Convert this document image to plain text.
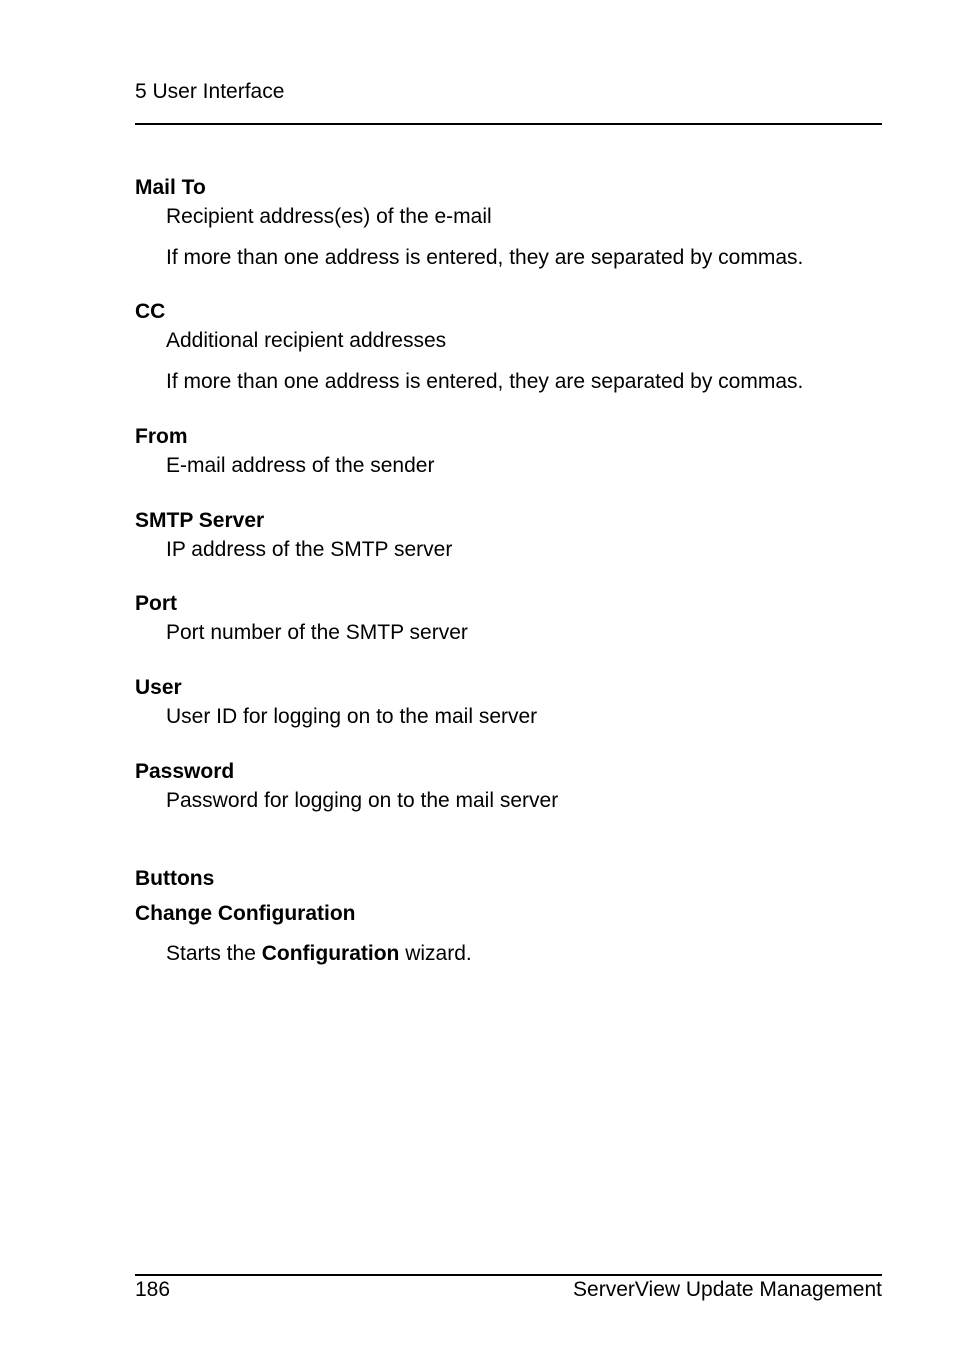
5 User Interface
Mail To
Recipient address(es) of the e-mail
If more than one address is entered, they are separated by commas.
CC
Additional recipient addresses
If more than one address is entered, they are separated by commas.
From
E-mail address of the sender
SMTP Server
IP address of the SMTP server
Port
Port number of the SMTP server
User
User ID for logging on to the mail server
Password
Password for logging on to the mail server
Buttons
Change Configuration
Starts the Configuration wizard.
186	ServerView Update Management
